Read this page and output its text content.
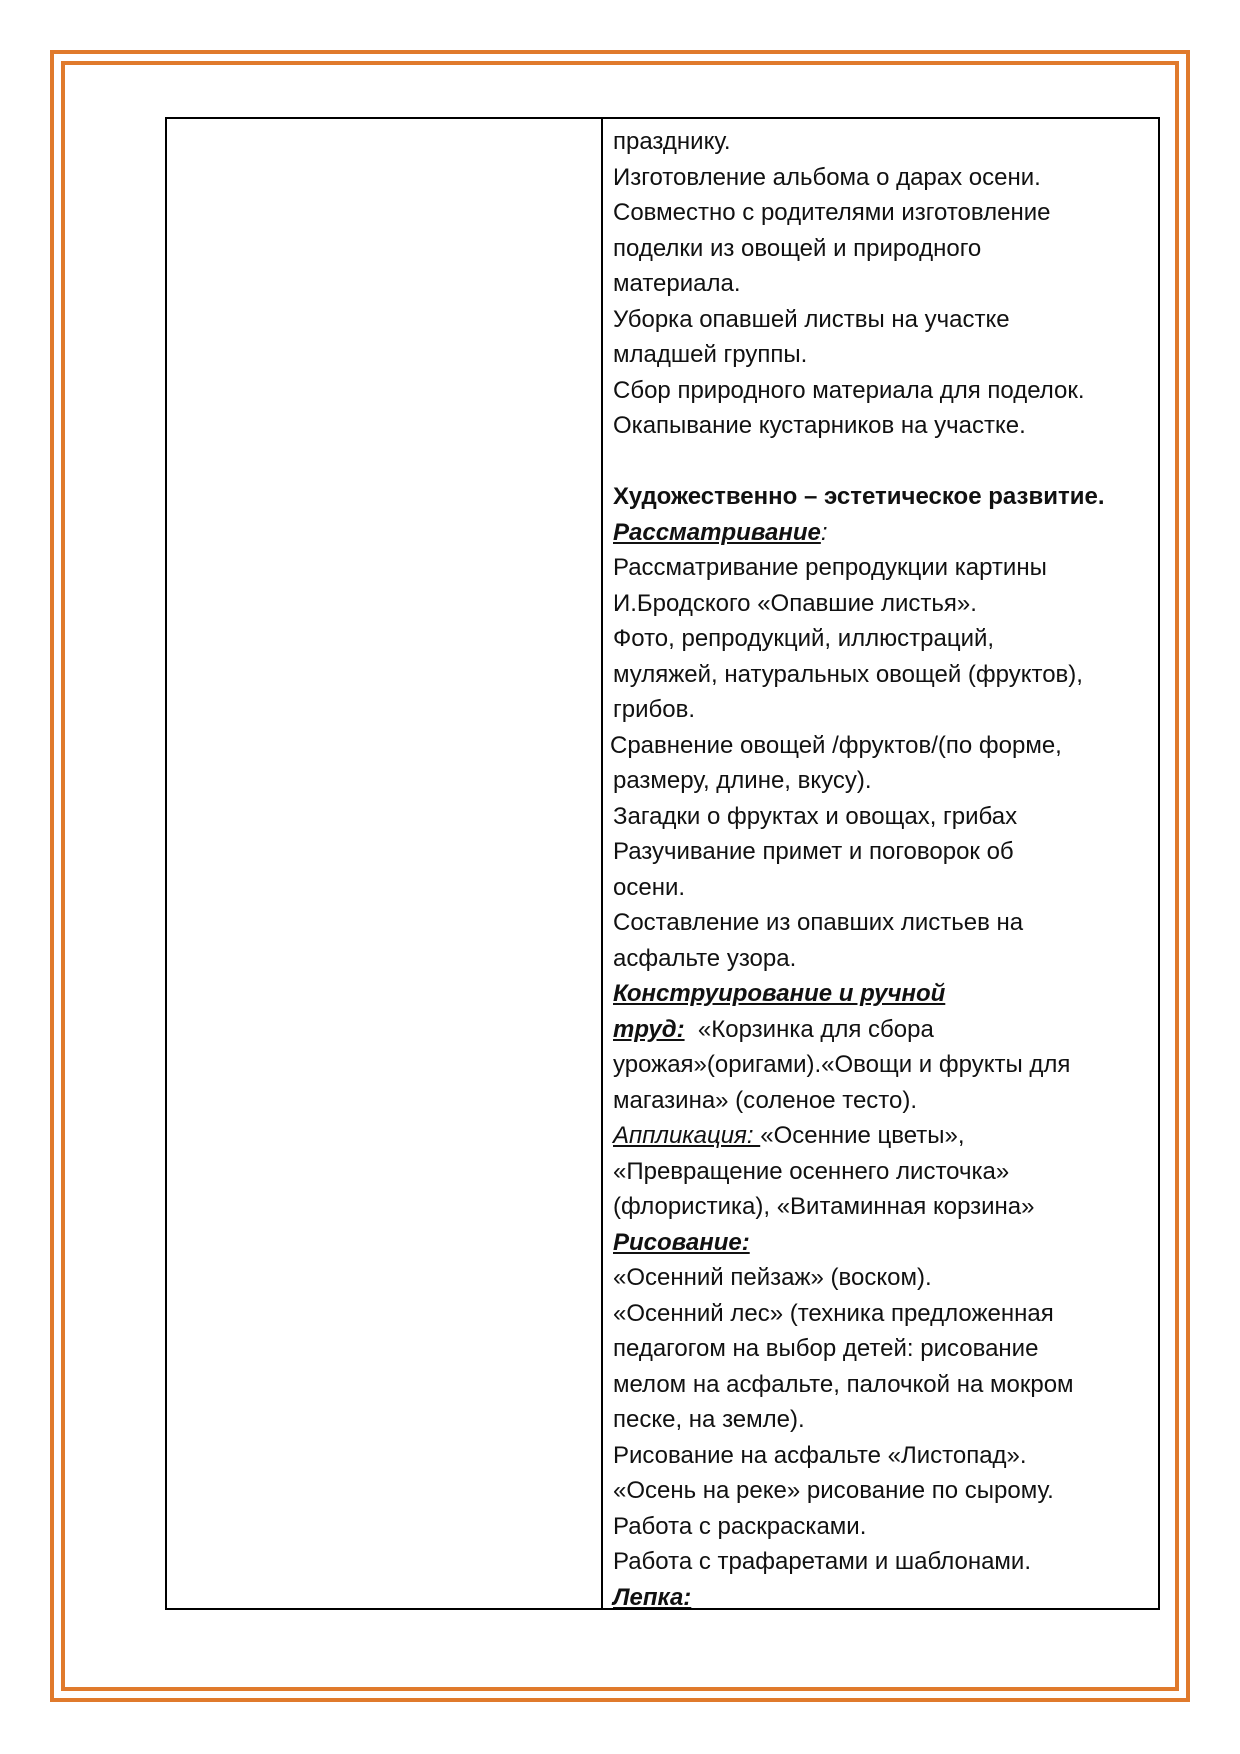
празднику.

Изготовление альбома о дарах осени.

Совместно с родителями изготовление

поделки из овощей и природного

материала.

Уборка опавшей листвы на участке

младшей группы.

Сбор природного материала для поделок.

Окапывание кустарников на участке.

Художественно – эстетическое развитие.

Рассматривание:

Рассматривание репродукции картины

И.Бродского «Опавшие листья».

Фото, репродукций, иллюстраций,

муляжей, натуральных овощей (фруктов),

грибов.

Сравнение овощей /фруктов/(по форме,

размеру, длине, вкусу).

Загадки о фруктах и овощах, грибах

Разучивание примет и поговорок об

осени.

Составление из опавших листьев на

асфальте узора.

Конструирование и ручной

труд:  «Корзинка для сбора

урожая»(оригами).«Овощи и фрукты для

магазина» (соленое тесто).

Аппликация: «Осенние цветы»,

«Превращение осеннего листочка»

(флористика), «Витаминная корзина»

Рисование:

«Осенний пейзаж» (воском).

«Осенний лес» (техника предложенная

педагогом на выбор детей: рисование

мелом на асфальте, палочкой на мокром

песке, на земле).

Рисование на асфальте «Листопад».

«Осень на реке» рисование по сырому.

Работа с раскрасками.

Работа с трафаретами и шаблонами.

Лепка:
